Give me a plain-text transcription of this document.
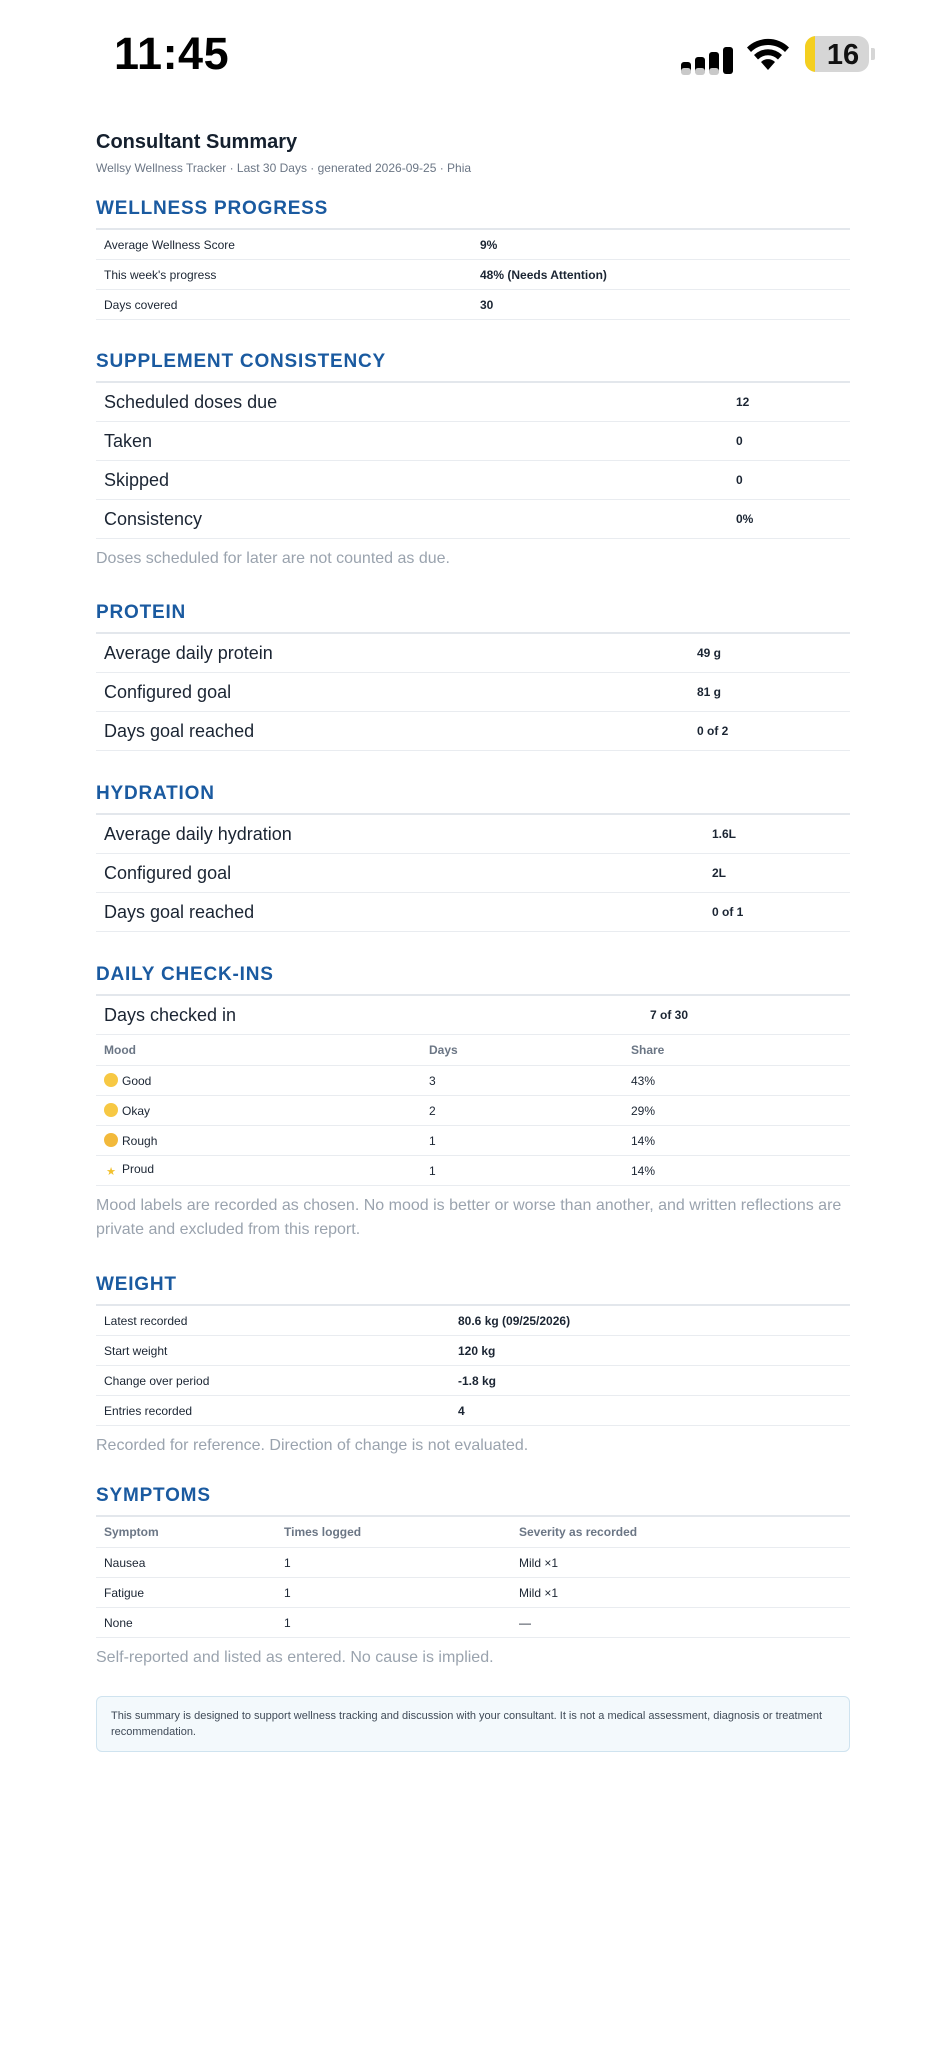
11:45	16
Consultant Summary
Wellsy Wellness Tracker · Last 30 Days · generated 2026-09-25 · Phia
WELLNESS PROGRESS
Average Wellness Score	9%
This week's progress	48% (Needs Attention)
Days covered	30
SUPPLEMENT CONSISTENCY
Scheduled doses due	12
Taken	0
Skipped	0
Consistency	0%
Doses scheduled for later are not counted as due.
PROTEIN
Average daily protein	49 g
Configured goal	81 g
Days goal reached	0 of 2
HYDRATION
Average daily hydration	1.6L
Configured goal	2L
Days goal reached	0 of 1
DAILY CHECK-INS
Days checked in	7 of 30
Mood	Days	Share
Good	3	43%
Okay	2	29%
Rough	1	14%
★ Proud	1	14%
Mood labels are recorded as chosen. No mood is better or worse than another, and written reflections are private and excluded from this report.
WEIGHT
Latest recorded	80.6 kg (09/25/2026)
Start weight	120 kg
Change over period	-1.8 kg
Entries recorded	4
Recorded for reference. Direction of change is not evaluated.
SYMPTOMS
Symptom	Times logged	Severity as recorded
Nausea	1	Mild ×1
Fatigue	1	Mild ×1
None	1	—
Self-reported and listed as entered. No cause is implied.

This summary is designed to support wellness tracking and discussion with your consultant. It is not a medical assessment, diagnosis or treatment recommendation.
